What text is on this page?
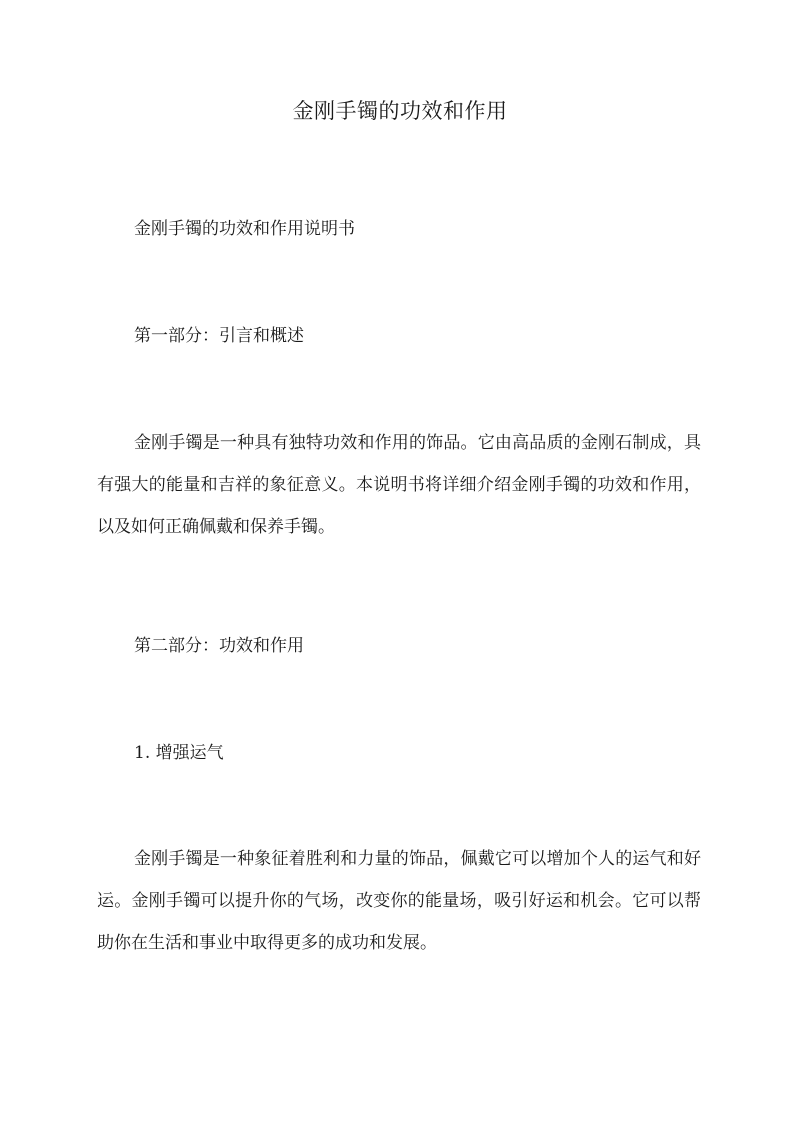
金刚手镯的功效和作用
金刚手镯的功效和作用说明书
第一部分：引言和概述

金刚手镯是一种具有独特功效和作用的饰品。它由高品质的金刚石制成，具有强大的能量和吉祥的象征意义。本说明书将详细介绍金刚手镯的功效和作用，以及如何正确佩戴和保养手镯。

第二部分：功效和作用
1. 增强运气

金刚手镯是一种象征着胜利和力量的饰品，佩戴它可以增加个人的运气和好运。金刚手镯可以提升你的气场，改变你的能量场，吸引好运和机会。它可以帮助你在生活和事业中取得更多的成功和发展。
